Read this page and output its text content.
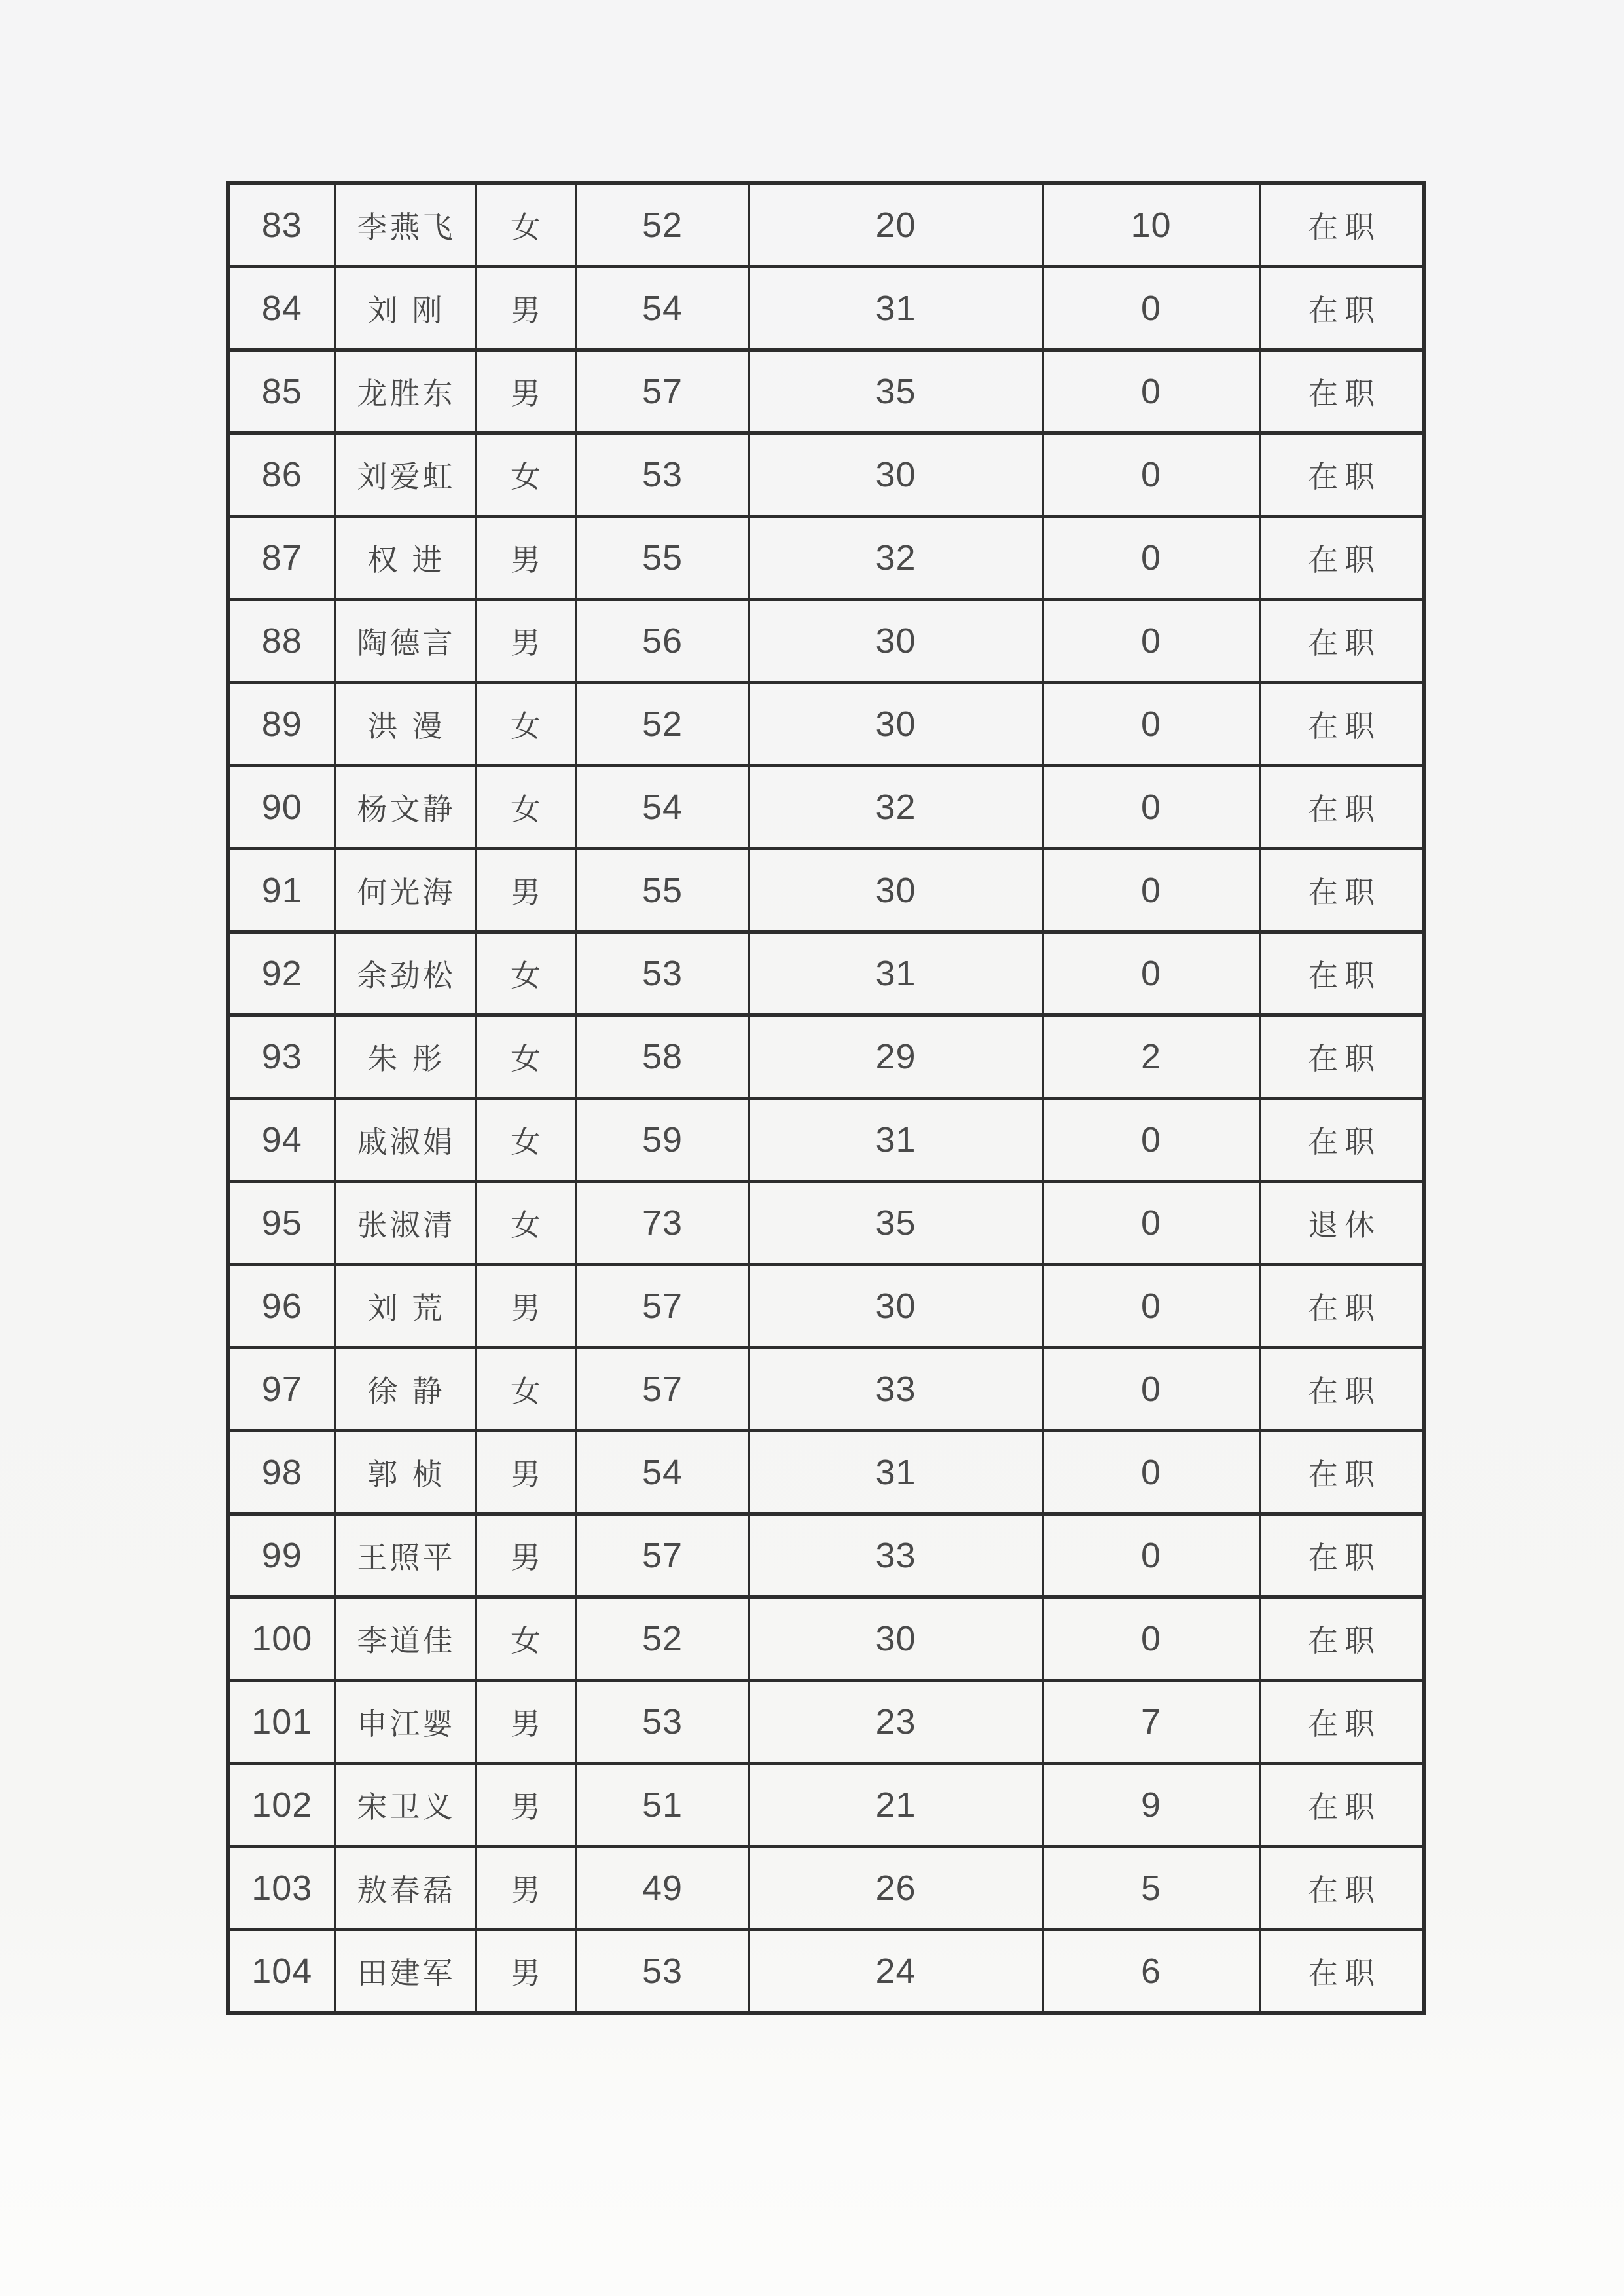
83	李燕飞	女	52	20	10	在职
84	刘刚	男	54	31	0	在职
85	龙胜东	男	57	35	0	在职
86	刘爱虹	女	53	30	0	在职
87	权进	男	55	32	0	在职
88	陶德言	男	56	30	0	在职
89	洪漫	女	52	30	0	在职
90	杨文静	女	54	32	0	在职
91	何光海	男	55	30	0	在职
92	余劲松	女	53	31	0	在职
93	朱彤	女	58	29	2	在职
94	戚淑娟	女	59	31	0	在职
95	张淑清	女	73	35	0	退休
96	刘荒	男	57	30	0	在职
97	徐静	女	57	33	0	在职
98	郭桢	男	54	31	0	在职
99	王照平	男	57	33	0	在职
100	李道佳	女	52	30	0	在职
101	申江婴	男	53	23	7	在职
102	宋卫义	男	51	21	9	在职
103	敖春磊	男	49	26	5	在职
104	田建军	男	53	24	6	在职
